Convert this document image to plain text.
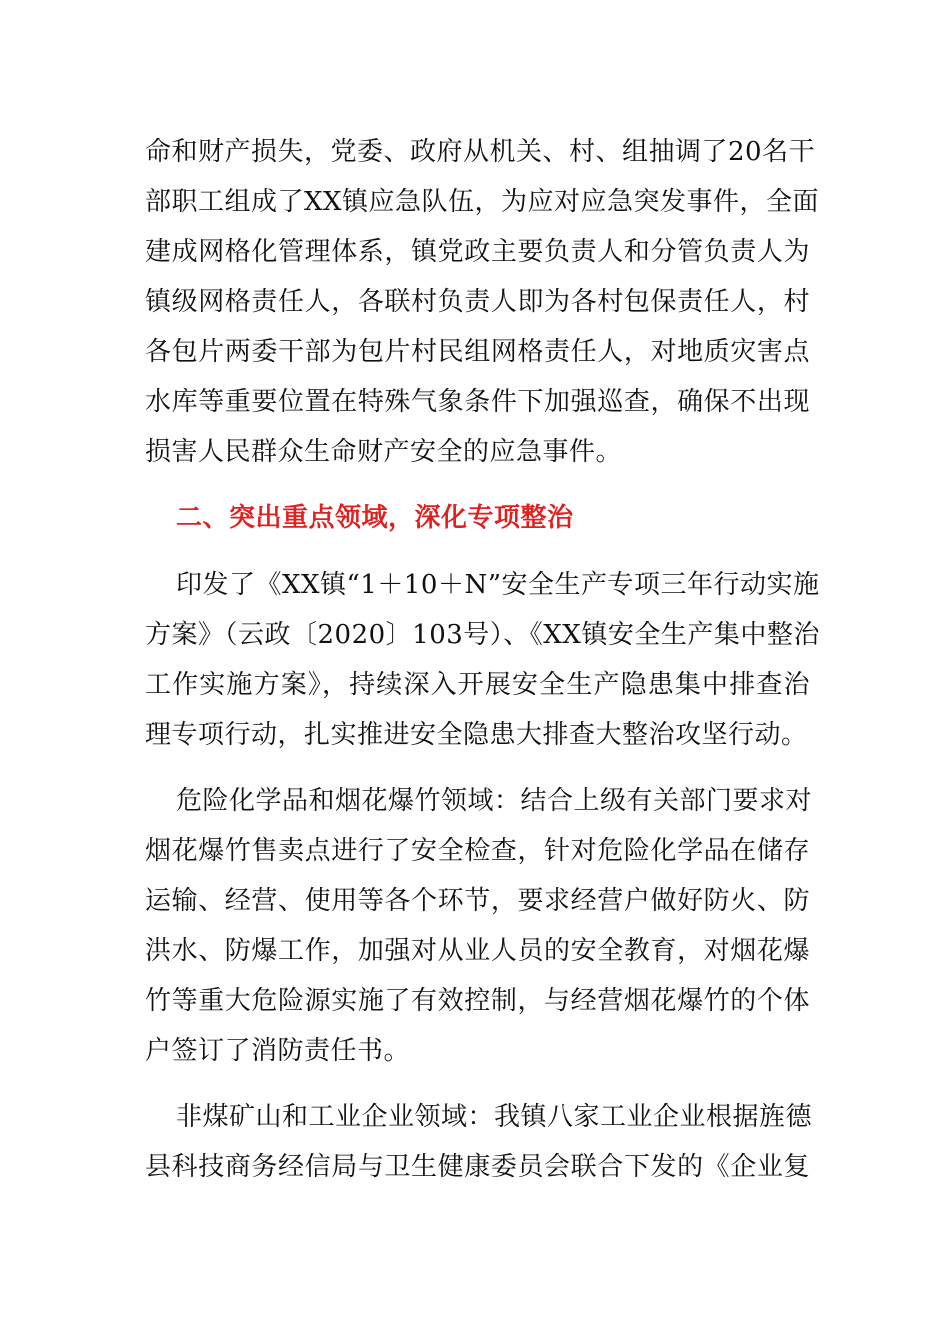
命和财产损失，党委、政府从机关、村、组抽调了20名干
部职工组成了XX镇应急队伍，为应对应急突发事件，全面
建成网格化管理体系，镇党政主要负责人和分管负责人为
镇级网格责任人，各联村负责人即为各村包保责任人，村
各包片两委干部为包片村民组网格责任人，对地质灾害点
水库等重要位置在特殊气象条件下加强巡查，确保不出现
损害人民群众生命财产安全的应急事件。
二、突出重点领域，深化专项整治
印发了《XX镇“1＋10＋N”安全生产专项三年行动实施
方案》（云政〔2020〕103号）、《XX镇安全生产集中整治
工作实施方案》，持续深入开展安全生产隐患集中排查治
理专项行动，扎实推进安全隐患大排查大整治攻坚行动。
危险化学品和烟花爆竹领域：结合上级有关部门要求对
烟花爆竹售卖点进行了安全检查，针对危险化学品在储存
运输、经营、使用等各个环节，要求经营户做好防火、防
洪水、防爆工作，加强对从业人员的安全教育，对烟花爆
竹等重大危险源实施了有效控制，与经营烟花爆竹的个体
户签订了消防责任书。
非煤矿山和工业企业领域：我镇八家工业企业根据旌德
县科技商务经信局与卫生健康委员会联合下发的《企业复
